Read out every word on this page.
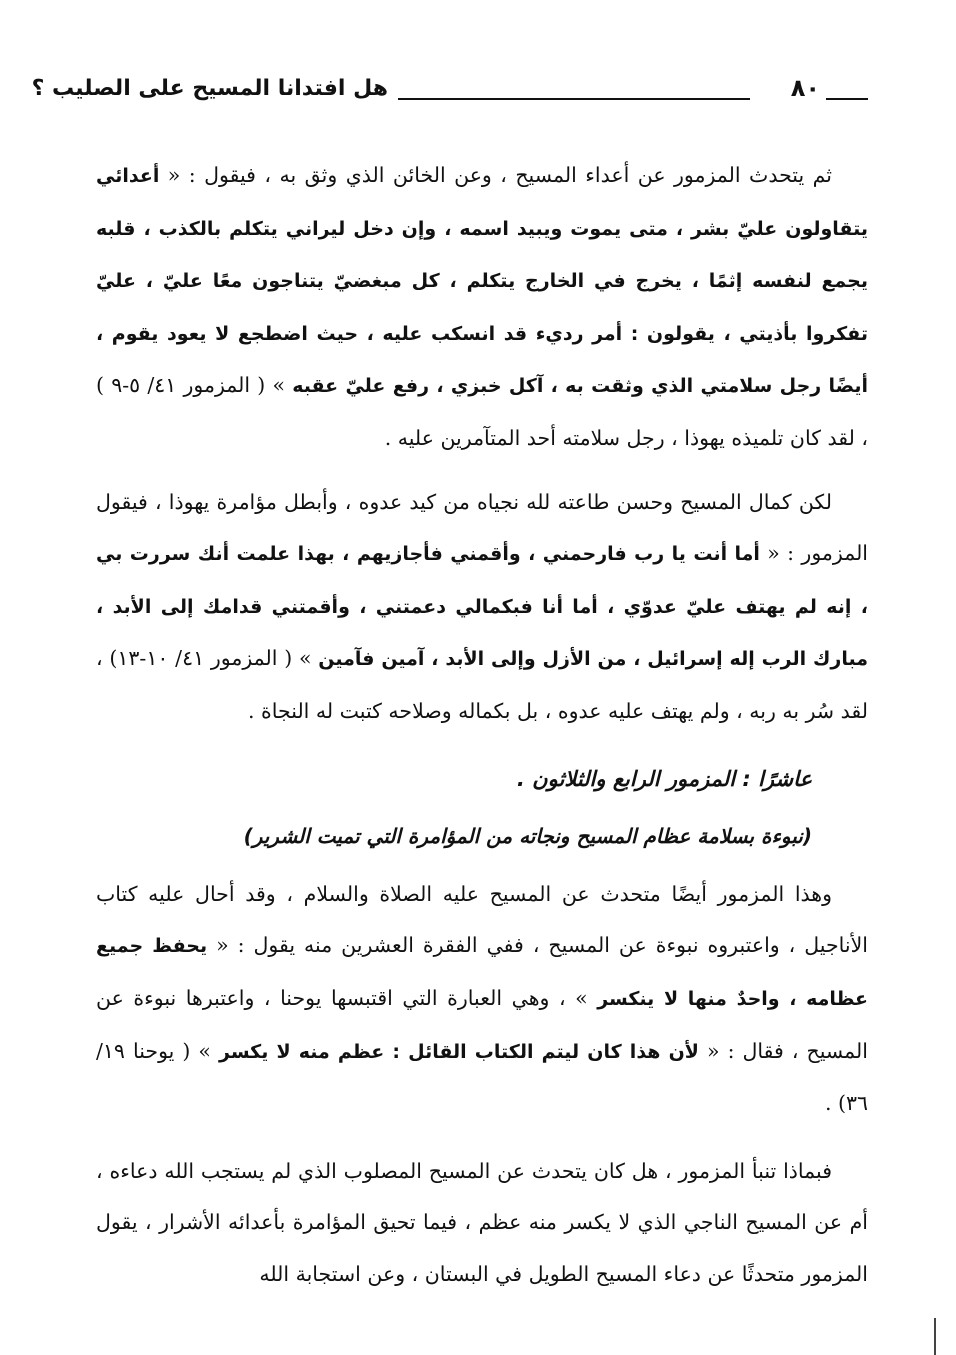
٨٠
هل افتدانا المسيح على الصليب ؟

ثم يتحدث المزمور عن أعداء المسيح ، وعن الخائن الذي وثق به ، فيقول : « أعدائي يتقاولون عليّ بشر ، متى يموت ويبيد اسمه ، وإن دخل ليراني يتكلم بالكذب ، قلبه يجمع لنفسه إثمًا ، يخرج في الخارج يتكلم ، كل مبغضيّ يتناجون معًا عليّ ، عليّ تفكروا بأذيتي ، يقولون : أمر رديء قد انسكب عليه ، حيث اضطجع لا يعود يقوم ، أيضًا رجل سلامتي الذي وثقت به ، آكل خبزي ، رفع عليّ عقبه » ( المزمور ٤١/ ٥-٩ ) ، لقد كان تلميذه يهوذا ، رجل سلامته أحد المتآمرين عليه .

لكن كمال المسيح وحسن طاعته لله نجياه من كيد عدوه ، وأبطل مؤامرة يهوذا ، فيقول المزمور : « أما أنت يا رب فارحمني ، وأقمني فأجازيهم ، بهذا علمت أنك سررت بي ، إنه لم يهتف عليّ عدوّي ، أما أنا فبكمالي دعمتني ، وأقمتني قدامك إلى الأبد ، مبارك الرب إله إسرائيل ، من الأزل وإلى الأبد ، آمين فآمين » ( المزمور ٤١/ ١٠-١٣) ، لقد سُر به ربه ، ولم يهتف عليه عدوه ، بل بكماله وصلاحه كتبت له النجاة .

عاشرًا : المزمور الرابع والثلاثون .
(نبوءة بسلامة عظام المسيح ونجاته من المؤامرة التي تميت الشرير)

وهذا المزمور أيضًا متحدث عن المسيح عليه الصلاة والسلام ، وقد أحال عليه كتاب الأناجيل ، واعتبروه نبوءة عن المسيح ، ففي الفقرة العشرين منه يقول : « يحفظ جميع عظامه ، واحدٌ منها لا ينكسر » ، وهي العبارة التي اقتبسها يوحنا ، واعتبرها نبوءة عن المسيح ، فقال : « لأن هذا كان ليتم الكتاب القائل : عظم منه لا يكسر » ( يوحنا ١٩/ ٣٦) .

فبماذا تنبأ المزمور ، هل كان يتحدث عن المسيح المصلوب الذي لم يستجب الله دعاءه ، أم عن المسيح الناجي الذي لا يكسر منه عظم ، فيما تحيق المؤامرة بأعدائه الأشرار ، يقول المزمور متحدثًا عن دعاء المسيح الطويل في البستان ، وعن استجابة الله
